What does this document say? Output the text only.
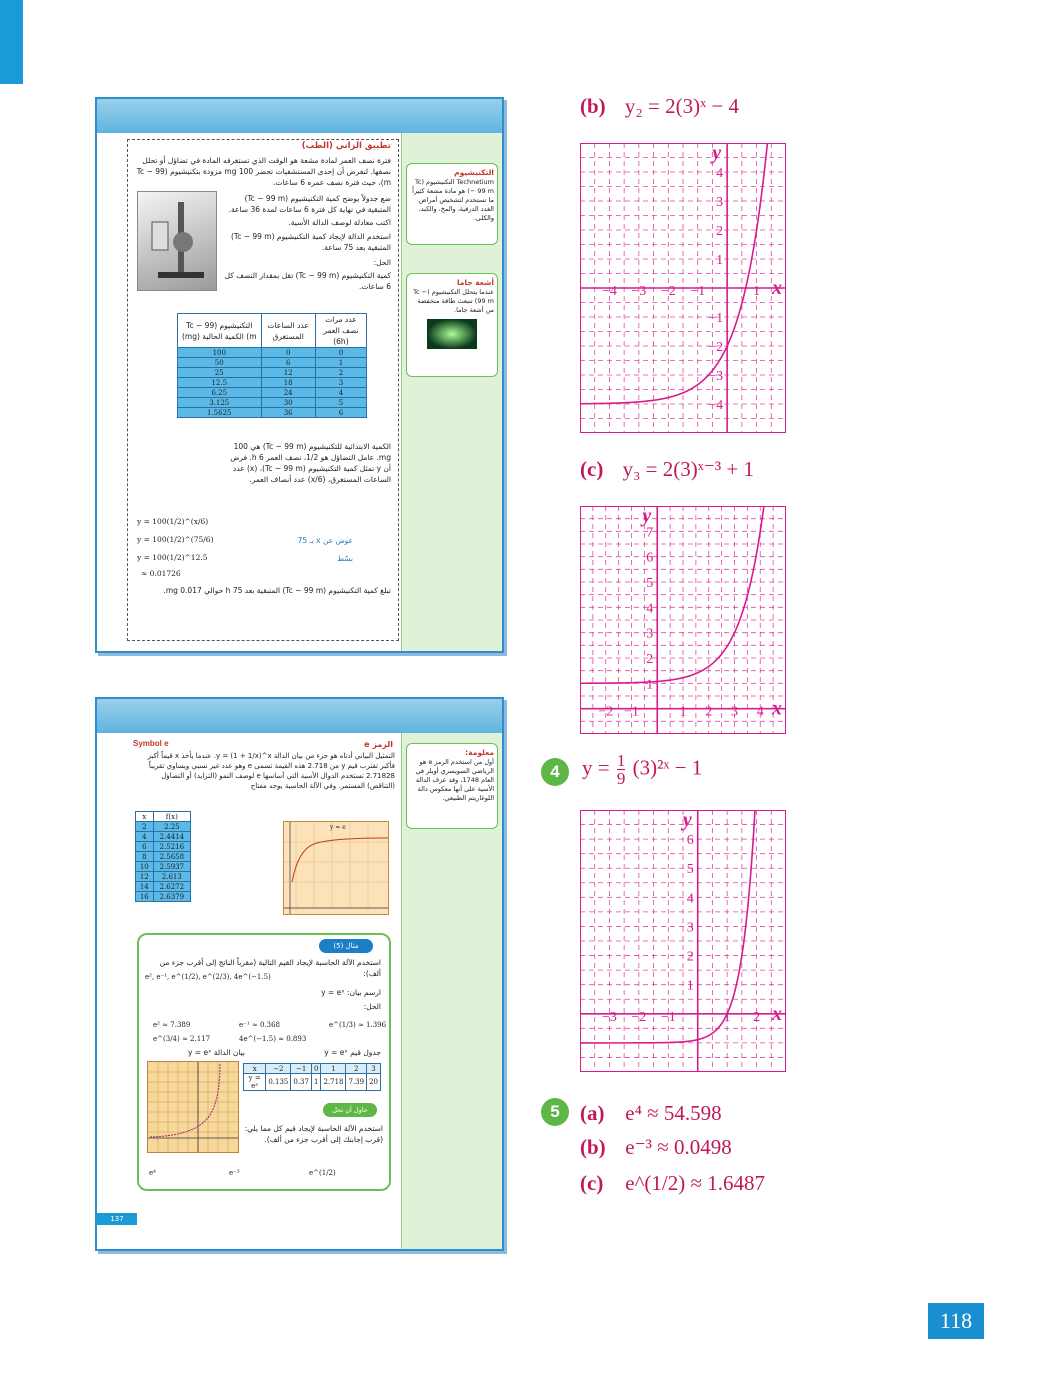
تطبيق الزاني (الطب)
فترة نصف العمر لمادة مشعة هو الوقت الذي تستغرقه المادة في تضاؤل أو تحلل نصفها. لنفرض أن إحدى المستشفيات تحضر 100 mg مزودة بتكنيشيوم (Tc − 99 m)، حيث فترة نصف عمره 6 ساعات.
ضع جدولاً يوضح كمية التكنيشيوم (Tc − 99 m) المتبقية في نهاية كل فترة 6 ساعات لمدة 36 ساعة.
اكتب معادلة لوصف الدالة الأسية.
استخدم الدالة لإيجاد كمية التكنيشيوم (Tc − 99 m) المتبقية بعد 75 ساعة.
الحل:
كمية التكنيشيوم (Tc − 99 m) تقل بمقدار النصف كل 6 ساعات.
التكنيشيوم (Tc − 99 m) الكمية الحالية (mg)	عدد الساعات المستغرق	عدد مرات نصف العمر (6h)
100	0	0
50	6	1
25	12	2
12.5	18	3
6.25	24	4
3.125	30	5
1.5625	36	6
الكمية الابتدائية للتكنيشيوم (Tc − 99 m) هي 100 mg. عامل التضاؤل هو 1/2، نصف العمر 6 h. فرض أن y تمثل كمية التكنيشيوم (Tc − 99 m)، (x) عدد الساعات المستغرق، (x/6) عدد أنصاف العمر.
y = 100(1/2)^(x/6)
y = 100(1/2)^(75/6)
y = 100(1/2)^12.5
≈ 0.01726
عوض عن x بـ 75
بسّط
تبلغ كمية التكنيشيوم (Tc − 99 m) المتبقية بعد 75 h حوالي 0.017 mg.
التكنيشيوم
Technetium التكنيشيوم (Tc − 99 m) هو مادة مشعة كثيراً ما تستخدم لتشخيص أمراض الغدد الدرقية، والمخ، والكبد، والكلى.
أشعة جاما
عندما يتحلل التكنيشيوم (Tc − 99 m) تنبعث طاقة منخفضة من أشعة جاما.
Symbol e	الرمز e
التمثيل البياني أدناه هو جزء من بيان الدالة y = (1 + 1/x)^x. عندما يأخذ x قيماً أكبر فأكبر تقترب قيم y من 2.718 هذه القيمة تسمى e وهو عدد غير نسبي ويساوي تقريباً 2.71828 تستخدم الدوال الأسية التي أساسها e لوصف النمو (التزايد) أو التضاؤل (التناقص) المستمر. وفي الآلة الحاسبة يوجد مفتاح
x	f(x)
2	2.25
4	2.4414
6	2.5216
8	2.5658
10	2.5937
12	2.613
14	2.6272
16	2.6379
y = e
مثال (5)
استخدم الآلة الحاسبة لإيجاد القيم التالية (مقرباً الناتج إلى أقرب جزء من ألف):
e², e⁻¹, e^(1/2), e^(2/3), 4e^(−1.5)
ارسم بيان: y = eˣ
الحل:
e² ≈ 7.389	e⁻¹ ≈ 0.368	e^(1/3) ≈ 1.396
e^(3/4) ≈ 2.117	4e^(−1.5) ≈ 0.893
بيان الدالة y = eˣ	جدول قيم y = eˣ
x	−2	−1	0	1	2	3
y = eˣ	0.135	0.37	1	2.718	7.39	20
حاول أن تحل
استخدم الآلة الحاسبة لإيجاد قيم كل مما يلي: (قرب إجابتك إلى أقرب جزء من ألف).
e⁴	e⁻³	e^(1/2)
137
معلومة:
أول من استخدم الرمز e هو الرياضي السويسري أويلر في العام 1748، وقد عرف الدالة الأسية على أنها معكوس دالة اللوغاريتم الطبيعي.
(b) y₂ = 2(3)ˣ − 4
−4 −3 −2 −1	1
4
3
2
1
−1
−2
−3
−4
x
y
(c) y₃ = 2(3)ˣ⁻³ + 1
−2 −1	1 2 3 4
7
6
5
4
3
2
1
x
y
4	$y = \frac{1}{9}$ (3)²ˣ − 1
−3 −2 −1	1 2
6
5
4
3
2
1
x
y
5 (a) e⁴ ≈ 54.598
(b) e⁻³ ≈ 0.0498
(c) e^(1/2) ≈ 1.6487
118
